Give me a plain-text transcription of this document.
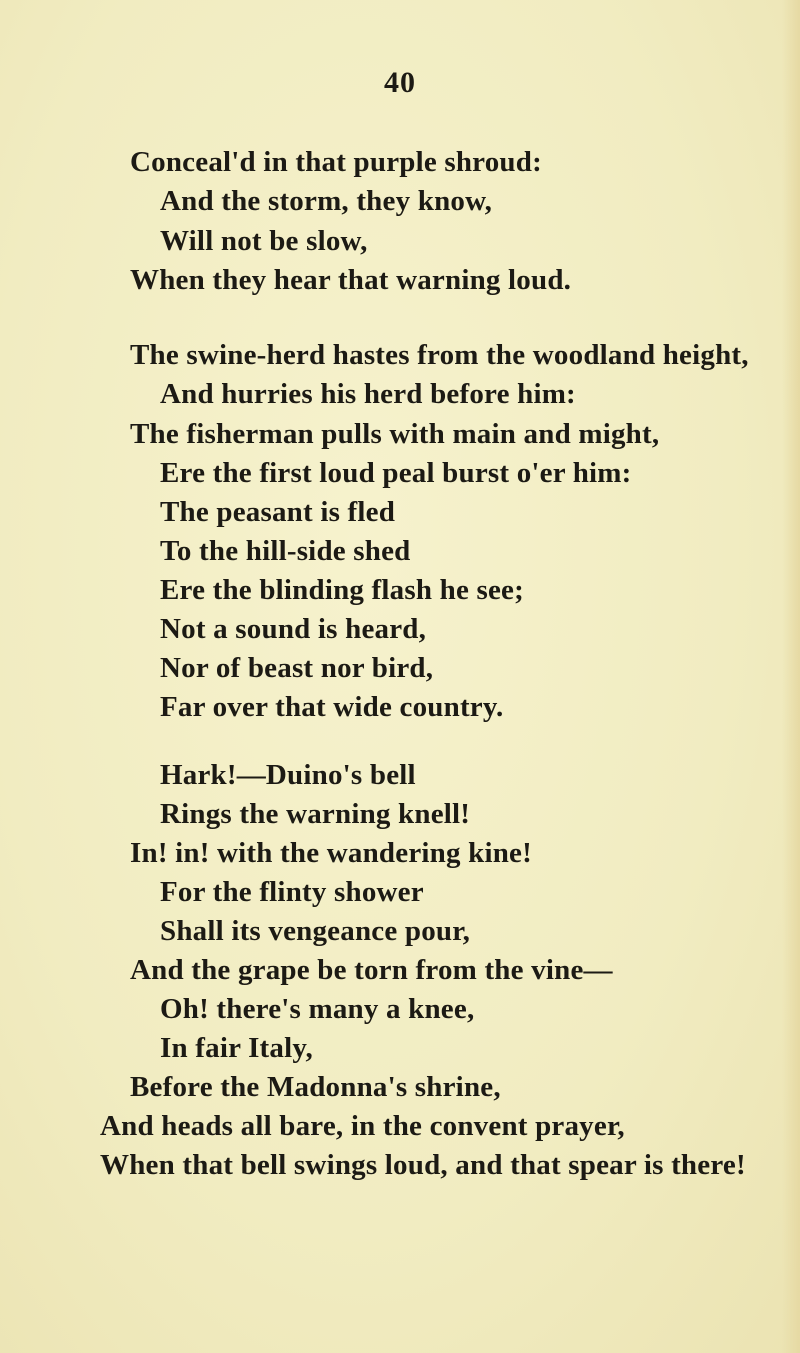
40
Conceal'd in that purple shroud:
And the storm, they know,
Will not be slow,
When they hear that warning loud.
The swine-herd hastes from the woodland height,
And hurries his herd before him:
The fisherman pulls with main and might,
Ere the first loud peal burst o'er him:
The peasant is fled
To the hill-side shed
Ere the blinding flash he see;
Not a sound is heard,
Nor of beast nor bird,
Far over that wide country.
Hark!—Duino's bell
Rings the warning knell!
In! in! with the wandering kine!
For the flinty shower
Shall its vengeance pour,
And the grape be torn from the vine—
Oh! there's many a knee,
In fair Italy,
Before the Madonna's shrine,
And heads all bare, in the convent prayer,
When that bell swings loud, and that spear is there!
